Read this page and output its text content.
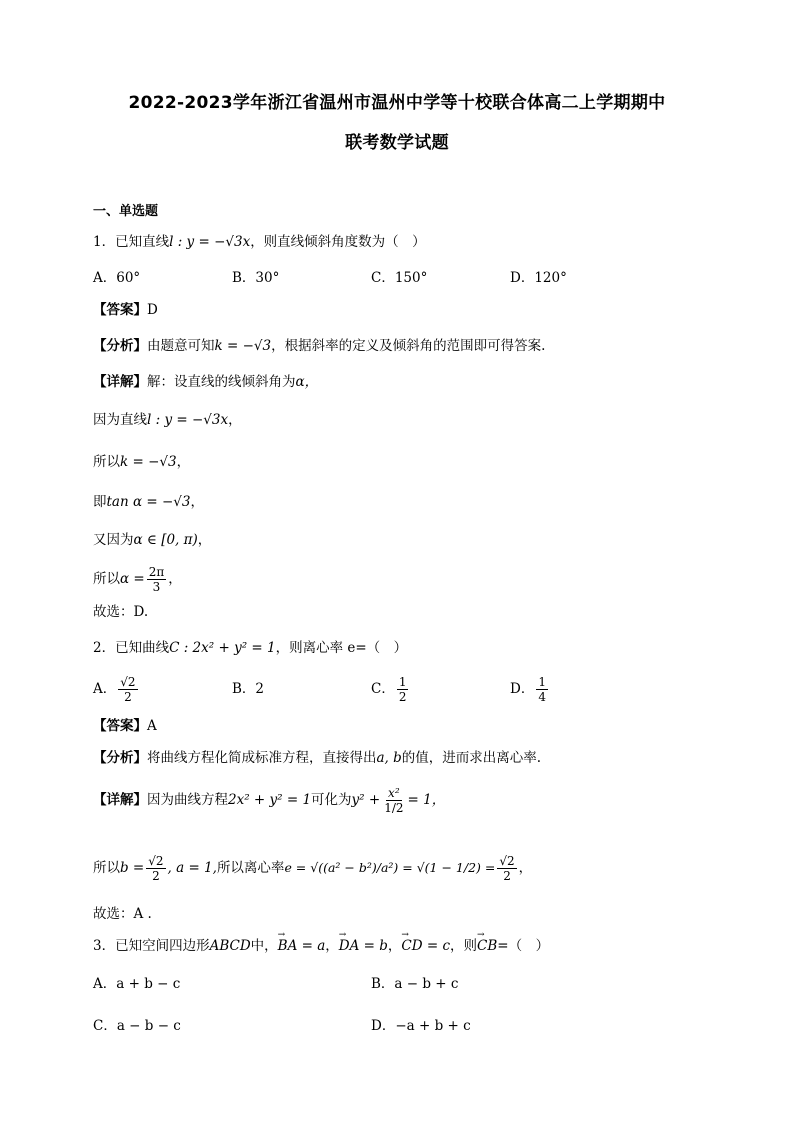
2022-2023学年浙江省温州市温州中学等十校联合体高二上学期期中
联考数学试题
一、单选题
1．已知直线l : y = −√3x，则直线倾斜角度数为（　）
A．60°	B．30°	C．150°	D．120°
【答案】D
【分析】由题意可知k = −√3，根据斜率的定义及倾斜角的范围即可得答案.
【详解】解：设直线的线倾斜角为α，
因为直线l : y = −√3x，
所以k = −√3，
即tan α = −√3，
又因为α ∈ [0, π)，
所以$\alpha = \frac{2\pi}{3}$ ，
故选：D.
2．已知曲线C : 2x² + y² = 1，则离心率 e=（　）
A． $\frac{√2}{2}$	B．2	C． $\frac{1}{2}$	D． $\frac{1}{4}$
【答案】A
【分析】将曲线方程化简成标准方程，直接得出a, b的值，进而求出离心率.
【详解】因为曲线方程2x² + y² = 1可化为$y^2 + \frac{\text{x²}}{1/2} = 1$，
所以$b = \frac{√2}{2}$ , a = 1,所以离心率$e = √((a^2 - b^2)/a^2) = √(1 - 1/2) = \frac{√2}{2}$ ，
故选：A .
3．已知空间四边形ABCD中，→ BA = a，→ DA = b，→ CD = c，则→ CB=（　）
A．a + b − c	B．a − b + c
C．a − b − c	D．−a + b + c
